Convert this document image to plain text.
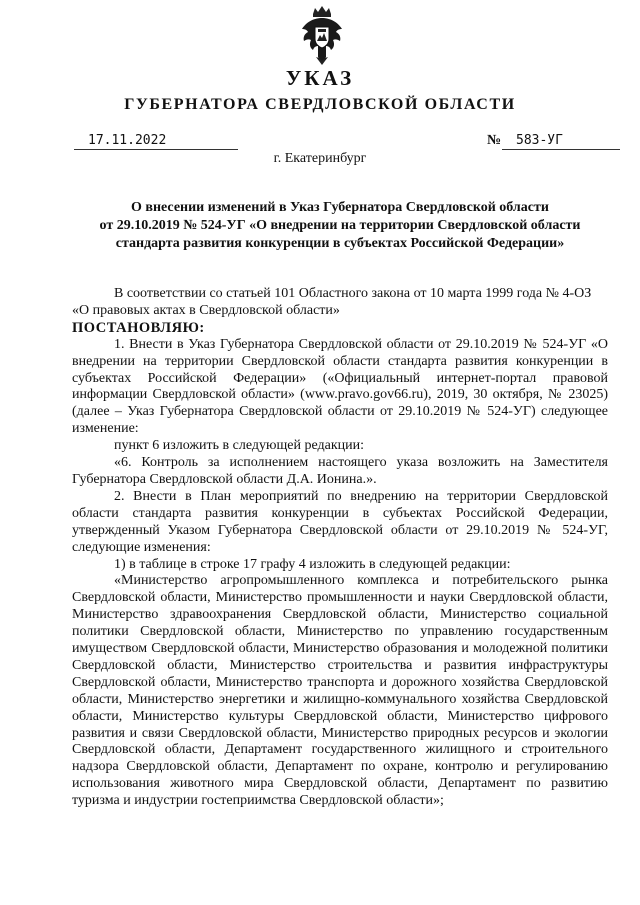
УКАЗ
ГУБЕРНАТОРА СВЕРДЛОВСКОЙ ОБЛАСТИ
17.11.2022	№	583-УГ
г. Екатеринбург
О внесении изменений в Указ Губернатора Свердловской области
от 29.10.2019 № 524-УГ «О внедрении на территории Свердловской области
стандарта развития конкуренции в субъектах Российской Федерации»

В соответствии со статьей 101 Областного закона от 10 марта 1999 года № 4-ОЗ

«О правовых актах в Свердловской области»

ПОСТАНОВЛЯЮ:

1. Внести в Указ Губернатора Свердловской области от 29.10.2019 № 524-УГ «О внедрении на территории Свердловской области стандарта развития конкуренции в субъектах Российской Федерации» («Официальный интернет-портал правовой информации Свердловской области» (www.pravo.gov66.ru), 2019, 30 октября, № 23025) (далее – Указ Губернатора Свердловской области от 29.10.2019 № 524-УГ) следующее изменение:

пункт 6 изложить в следующей редакции:

«6. Контроль за исполнением настоящего указа возложить на Заместителя Губернатора Свердловской области Д.А. Ионина.».

2. Внести в План мероприятий по внедрению на территории Свердловской области стандарта развития конкуренции в субъектах Российской Федерации, утвержденный Указом Губернатора Свердловской области от 29.10.2019 № 524-УГ, следующие изменения:

1) в таблице в строке 17 графу 4 изложить в следующей редакции:

«Министерство агропромышленного комплекса и потребительского рынка Свердловской области, Министерство промышленности и науки Свердловской области, Министерство здравоохранения Свердловской области, Министерство социальной политики Свердловской области, Министерство по управлению государственным имуществом Свердловской области, Министерство образования и молодежной политики Свердловской области, Министерство строительства и развития инфраструктуры Свердловской области, Министерство транспорта и дорожного хозяйства Свердловской области, Министерство энергетики и жилищно-коммунального хозяйства Свердловской области, Министерство культуры Свердловской области, Министерство цифрового развития и связи Свердловской области, Министерство природных ресурсов и экологии Свердловской области, Департамент государственного жилищного и строительного надзора Свердловской области, Департамент по охране, контролю и регулированию использования животного мира Свердловской области, Департамент по развитию туризма и индустрии гостеприимства Свердловской области»;
